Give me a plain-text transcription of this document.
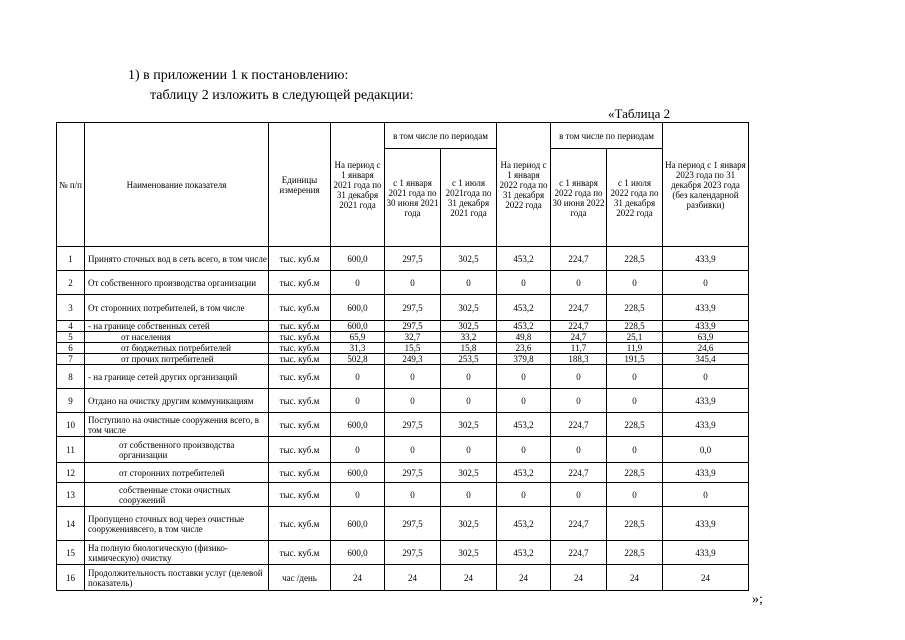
1) в приложении 1 к постановлению:
таблицу 2 изложить в следующей редакции:
«Таблица 2
№ п/п	Наименование показателя	Единицы измерения	На период с 1 января 2021 года по 31 декабря 2021 года	в том числе по периодам		На период с 1 января 2022 года по 31 декабря 2022 года	в том числе по периодам		На период с 1 января 2023 года по 31 декабря 2023 года (без календарной разбивки)
				с 1 января 2021 года по 30 июня 2021 года	с 1 июля 2021года по 31 декабря 2021 года		с 1 января 2022 года по 30 июня 2022 года	с 1 июля 2022 года по 31 декабря 2022 года	
1	Принято сточных вод в сеть всего, в том числе	тыс. куб.м	600,0	297,5	302,5	453,2	224,7	228,5	433,9
2	От собственного производства организации	тыс. куб.м	0	0	0	0	0	0	0
3	От сторонних потребителей, в том числе	тыс. куб.м	600,0	297,5	302,5	453,2	224,7	228,5	433,9
4	- на границе собственных сетей	тыс. куб.м	600,0	297,5	302,5	453,2	224,7	228,5	433,9
5	от населения	тыс. куб.м	65,9	32,7	33,2	49,8	24,7	25,1	63,9
6	от бюджетных потребителей	тыс. куб.м	31,3	15,5	15,8	23,6	11,7	11,9	24,6
7	от прочих потребителей	тыс. куб.м	502,8	249,3	253,5	379,8	188,3	191,5	345,4
8	- на границе сетей других организаций	тыс. куб.м	0	0	0	0	0	0	0
9	Отдано на очистку другим коммуникациям	тыс. куб.м	0	0	0	0	0	0	433,9
10	Поступило на очистные сооружения всего, в том числе	тыс. куб.м	600,0	297,5	302,5	453,2	224,7	228,5	433,9
11	от собственного производства организации	тыс. куб.м	0	0	0	0	0	0	0,0
12	от сторонних потребителей	тыс. куб.м	600,0	297,5	302,5	453,2	224,7	228,5	433,9
13	собственные стоки очистных сооружений	тыс. куб.м	0	0	0	0	0	0	0
14	Пропущено сточных вод через очистные сооружениявсего, в том числе	тыс. куб.м	600,0	297,5	302,5	453,2	224,7	228,5	433,9
15	На полную биологическую (физико-химическую) очистку	тыс. куб.м	600,0	297,5	302,5	453,2	224,7	228,5	433,9
16	Продолжительность поставки услуг (целевой показатель)	час /день	24	24	24	24	24	24	24
»;
